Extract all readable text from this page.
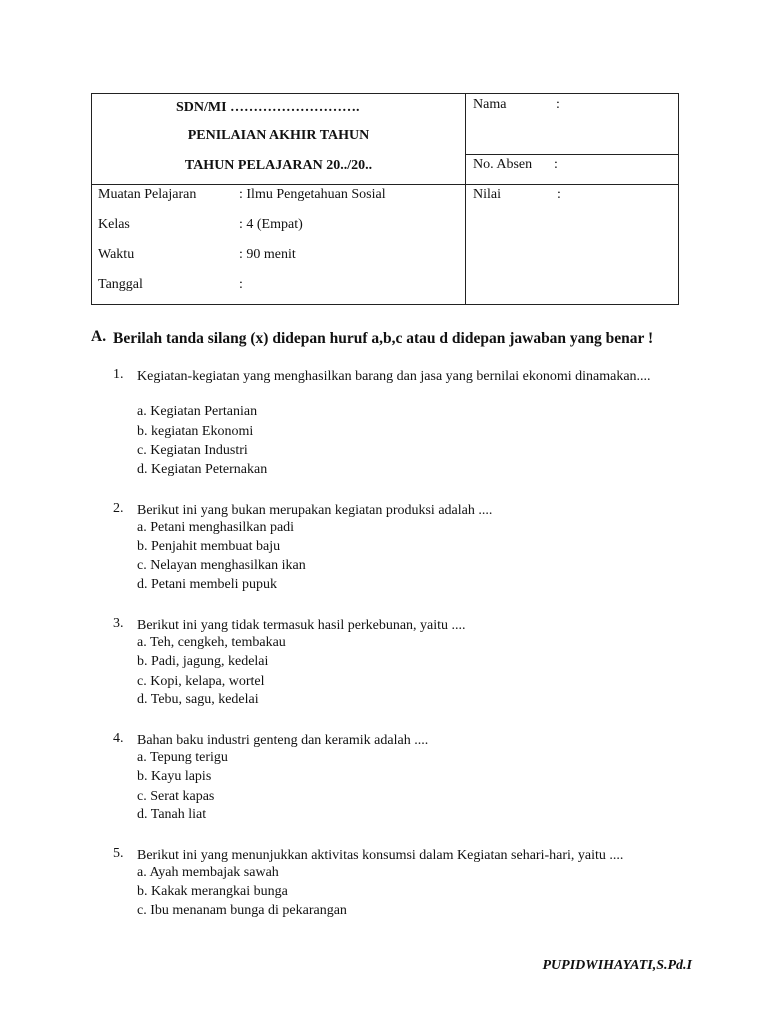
SDN/MI ……………………….
PENILAIAN AKHIR TAHUN
TAHUN PELAJARAN 20../20..
Nama	:
No. Absen :
Nilai	:
Muatan Pelajaran	: Ilmu Pengetahuan Sosial
Kelas	: 4 (Empat)
Waktu	: 90 menit
Tanggal	:
A. Berilah tanda silang (x) didepan huruf a,b,c atau d didepan jawaban yang benar !
1. Kegiatan-kegiatan yang menghasilkan barang dan jasa yang bernilai ekonomi dinamakan....
a. Kegiatan Pertanian
b. kegiatan Ekonomi
c. Kegiatan Industri
d. Kegiatan Peternakan
2. Berikut ini yang bukan merupakan kegiatan produksi adalah ....
a. Petani menghasilkan padi
b. Penjahit membuat baju
c. Nelayan menghasilkan ikan
d. Petani membeli pupuk
3. Berikut ini yang tidak termasuk hasil perkebunan, yaitu ....
a. Teh, cengkeh, tembakau
b. Padi, jagung, kedelai
c. Kopi, kelapa, wortel
d. Tebu, sagu, kedelai
4. Bahan baku industri genteng dan keramik adalah ....
a. Tepung terigu
b. Kayu lapis
c. Serat kapas
d. Tanah liat
5. Berikut ini yang menunjukkan aktivitas konsumsi dalam Kegiatan sehari-hari, yaitu ....
a. Ayah membajak sawah
b. Kakak merangkai bunga
c. Ibu menanam bunga di pekarangan
PUPIDWIHAYATI,S.Pd.I
